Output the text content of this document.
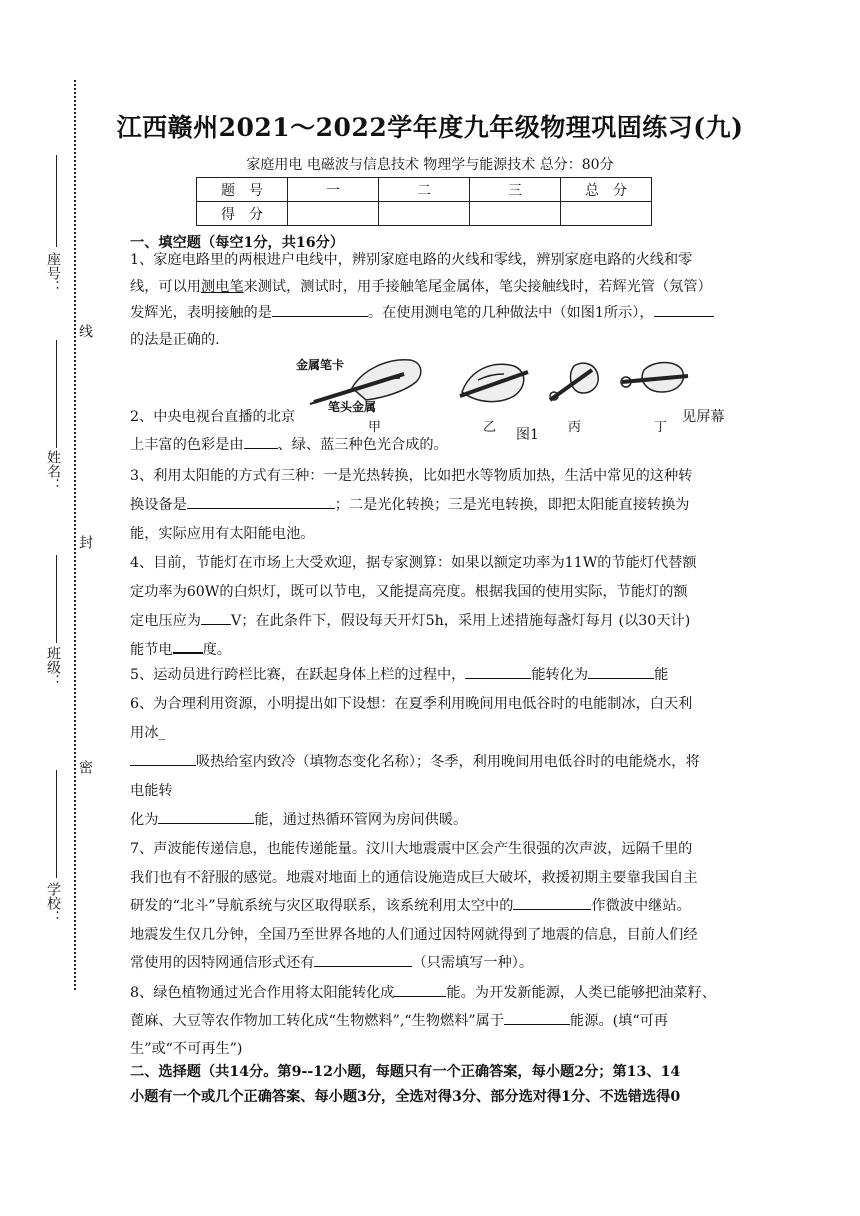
座号：
线
姓名：
封
班级：
密
学校：
江西赣州2021～2022学年度九年级物理巩固练习(九)
家庭用电 电磁波与信息技术 物理学与能源技术 总分：80分
题　号	一	二	三	总　分
得　分				
一、填空题（每空1分，共16分）
1、家庭电路里的两根进户电线中，辨别家庭电路的火线和零线，辨别家庭电路的火线和零
线，可以用测电笔来测试，测试时，用手接触笔尾金属体，笔尖接触线时，若辉光管（氖管）
发辉光，表明接触的是	。在使用测电笔的几种做法中（如图1所示），
的法是正确的.
金属笔卡
笔头金属
甲	乙	丙	丁
图1
2、中央电视台直播的北京	见屏幕
上丰富的色彩是由 、绿、蓝三种色光合成的。
3、利用太阳能的方式有三种：一是光热转换，比如把水等物质加热，生活中常见的这种转
换设备是	；二是光化转换；三是光电转换，即把太阳能直接转换为
能，实际应用有太阳能电池。
4、目前，节能灯在市场上大受欢迎，据专家测算：如果以额定功率为11W的节能灯代替额
定功率为60W的白炽灯，既可以节电，又能提高亮度。根据我国的使用实际，节能灯的额
定电压应为 V；在此条件下，假设每天开灯5h，采用上述措施每盏灯每月 (以30天计)
能节电 度。
5、运动员进行跨栏比赛，在跃起身体上栏的过程中，	能转化为	能
6、为合理利用资源，小明提出如下设想：在夏季利用晚间用电低谷时的电能制冰，白天利
用冰_
吸热给室内致冷（填物态变化名称）；冬季，利用晚间用电低谷时的电能烧水，将
电能转
化为	能，通过热循环管网为房间供暖。
7、声波能传递信息，也能传递能量。汶川大地震震中区会产生很强的次声波，远隔千里的
我们也有不舒服的感觉。地震对地面上的通信设施造成巨大破坏，救援初期主要靠我国自主
研发的“北斗”导航系统与灾区取得联系，该系统利用太空中的	作微波中继站。
地震发生仅几分钟，全国乃至世界各地的人们通过因特网就得到了地震的信息，目前人们经
常使用的因特网通信形式还有	（只需填写一种）。
8、绿色植物通过光合作用将太阳能转化成	能。为开发新能源，人类已能够把油菜籽、
蓖麻、大豆等农作物加工转化成“生物燃料”,“生物燃料”属于	能源。(填“可再
生”或“不可再生”)
二、选择题（共14分。第9--12小题，每题只有一个正确答案，每小题2分；第13、14
小题有一个或几个正确答案、每小题3分，全选对得3分、部分选对得1分、不选错选得0
